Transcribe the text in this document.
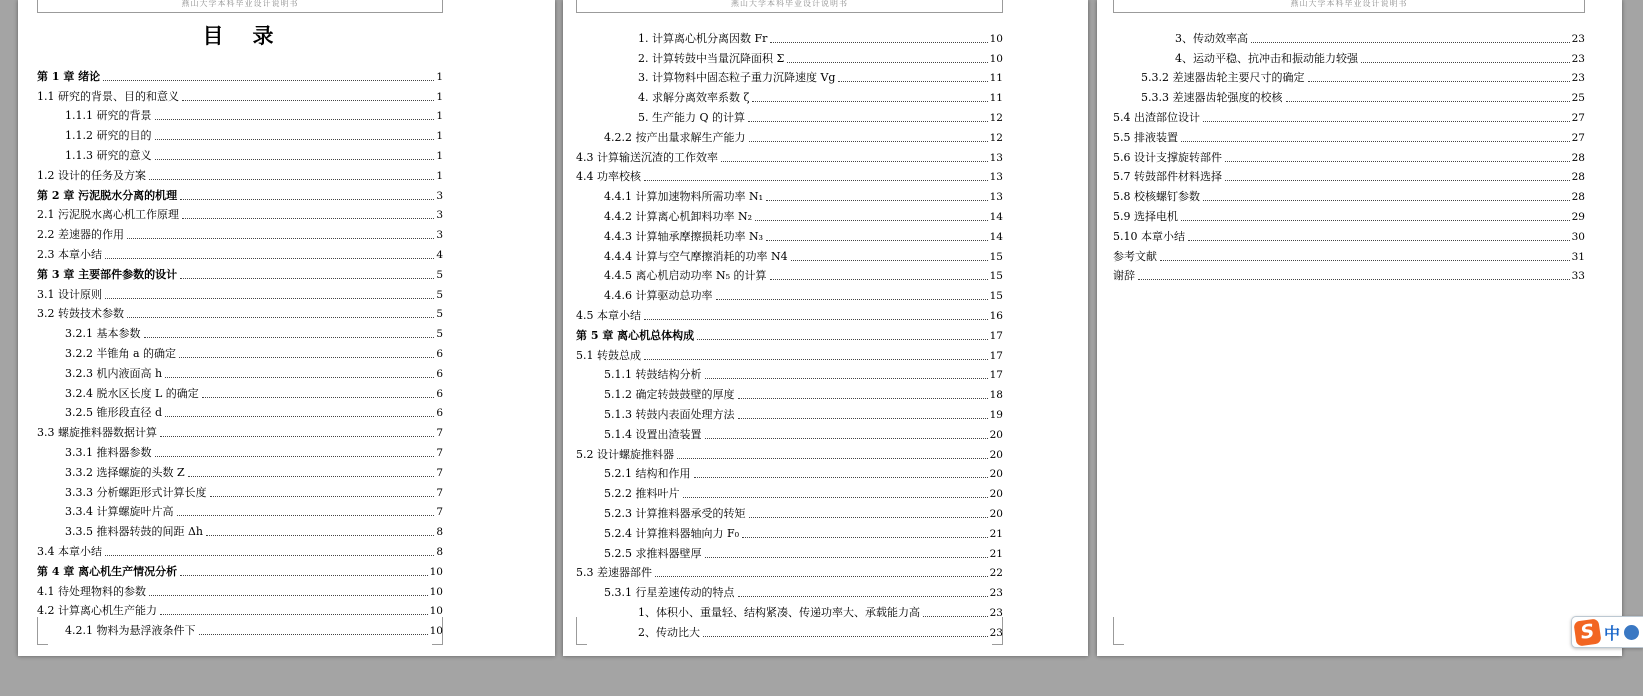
燕山大学本科毕业设计说明书
第 1 章 绪论	1
1.1 研究的背景、目的和意义	1
1.1.1 研究的背景	1
1.1.2 研究的目的	1
1.1.3 研究的意义	1
1.2 设计的任务及方案	1
第 2 章 污泥脱水分离的机理	3
2.1 污泥脱水离心机工作原理	3
2.2 差速器的作用	3
2.3 本章小结	4
第 3 章 主要部件参数的设计	5
3.1 设计原则	5
3.2 转鼓技术参数	5
3.2.1 基本参数	5
3.2.2 半锥角 a 的确定	6
3.2.3 机内液面高 h	6
3.2.4 脱水区长度 L 的确定	6
3.2.5 锥形段直径 d	6
3.3 螺旋推料器数据计算	7
3.3.1 推料器参数	7
3.3.2 选择螺旋的头数 Z	7
3.3.3 分析螺距形式计算长度	7
3.3.4 计算螺旋叶片高	7
3.3.5 推料器转鼓的间距 Δh	8
3.4 本章小结	8
第 4 章 离心机生产情况分析	10
4.1 待处理物料的参数	10
4.2 计算离心机生产能力	10
4.2.1 物料为悬浮液条件下	10
目　录
燕山大学本科毕业设计说明书
1. 计算离心机分离因数 Fr	10
2. 计算转鼓中当量沉降面积 Σ	10
3. 计算物料中固态粒子重力沉降速度 Vg	11
4. 求解分离效率系数 ζ	11
5. 生产能力 Q 的计算	12
4.2.2 按产出量求解生产能力	12
4.3 计算输送沉渣的工作效率	13
4.4 功率校核	13
4.4.1 计算加速物料所需功率 N₁	13
4.4.2 计算离心机卸料功率 N₂	14
4.4.3 计算轴承摩擦损耗功率 N₃	14
4.4.4 计算与空气摩擦消耗的功率 N4	15
4.4.5 离心机启动功率 N₅ 的计算	15
4.4.6 计算驱动总功率	15
4.5 本章小结	16
第 5 章 离心机总体构成	17
5.1 转鼓总成	17
5.1.1 转鼓结构分析	17
5.1.2 确定转鼓鼓壁的厚度	18
5.1.3 转鼓内表面处理方法	19
5.1.4 设置出渣装置	20
5.2 设计螺旋推料器	20
5.2.1 结构和作用	20
5.2.2 推料叶片	20
5.2.3 计算推料器承受的转矩	20
5.2.4 计算推料器轴向力 F₀	21
5.2.5 求推料器壁厚	21
5.3 差速器部件	22
5.3.1 行星差速传动的特点	23
1、体积小、重量轻、结构紧凑、传递功率大、承载能力高	23
2、传动比大	23
燕山大学本科毕业设计说明书
3、传动效率高	23
4、运动平稳、抗冲击和振动能力较强	23
5.3.2 差速器齿轮主要尺寸的确定	23
5.3.3 差速器齿轮强度的校核	25
5.4 出渣部位设计	27
5.5 排液装置	27
5.6 设计支撑旋转部件	28
5.7 转鼓部件材料选择	28
5.8 校核螺钉参数	28
5.9 选择电机	29
5.10 本章小结	30
参考文献	31
谢辞	33
S 中
